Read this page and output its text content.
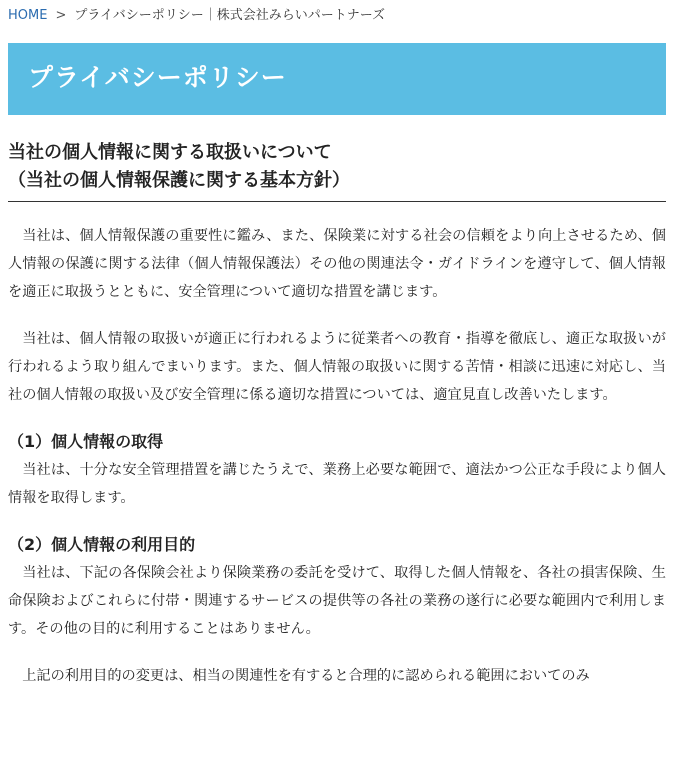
HOME > プライバシーポリシー｜株式会社みらいパートナーズ
プライバシーポリシー
当社の個人情報に関する取扱いについて
（当社の個人情報保護に関する基本方針）

当社は、個人情報保護の重要性に鑑み、また、保険業に対する社会の信頼をより向上させるため、個人情報の保護に関する法律（個人情報保護法）その他の関連法令・ガイドラインを遵守して、個人情報を適正に取扱うとともに、安全管理について適切な措置を講じます。

当社は、個人情報の取扱いが適正に行われるように従業者への教育・指導を徹底し、適正な取扱いが行われるよう取り組んでまいります。また、個人情報の取扱いに関する苦情・相談に迅速に対応し、当社の個人情報の取扱い及び安全管理に係る適切な措置については、適宜見直し改善いたします。

（1）個人情報の取得

当社は、十分な安全管理措置を講じたうえで、業務上必要な範囲で、適法かつ公正な手段により個人情報を取得します。

（2）個人情報の利用目的

当社は、下記の各保険会社より保険業務の委託を受けて、取得した個人情報を、各社の損害保険、生命保険およびこれらに付帯・関連するサービスの提供等の各社の業務の遂行に必要な範囲内で利用します。その他の目的に利用することはありません。

上記の利用目的の変更は、相当の関連性を有すると合理的に認められる範囲においてのみ
